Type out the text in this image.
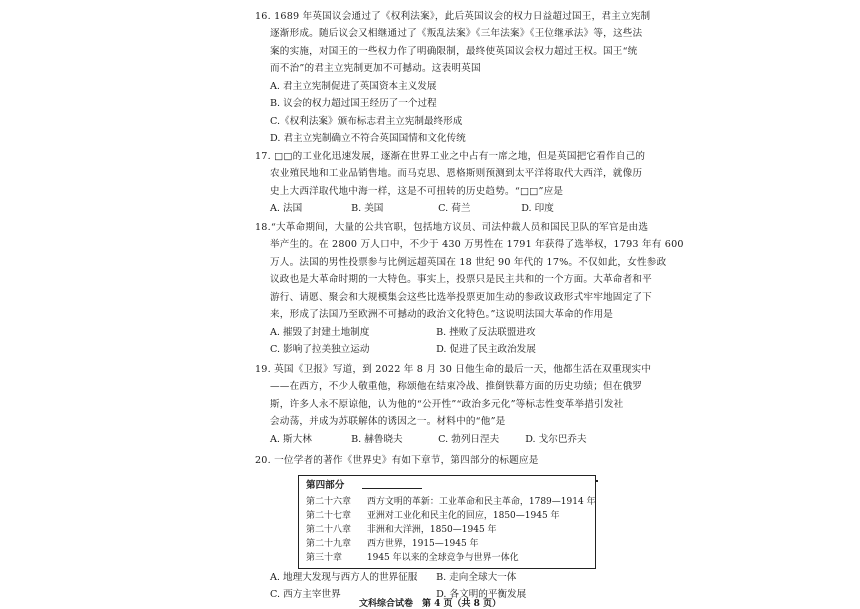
16. 1689 年英国议会通过了《权利法案》，此后英国议会的权力日益超过国王，君主立宪制
逐渐形成。随后议会又相继通过了《叛乱法案》《三年法案》《王位继承法》等，这些法
案的实施，对国王的一些权力作了明确限制，最终使英国议会权力超过王权。国王“统
而不治”的君主立宪制更加不可撼动。这表明英国
A. 君主立宪制促进了英国资本主义发展
B. 议会的权力超过国王经历了一个过程
C.《权利法案》颁布标志君主立宪制最终形成
D. 君主立宪制确立不符合英国国情和文化传统
17. □□的工业化迅速发展，逐渐在世界工业之中占有一席之地，但是英国把它看作自己的
农业殖民地和工业品销售地。而马克思、恩格斯则预测到太平洋将取代大西洋，就像历
史上大西洋取代地中海一样，这是不可扭转的历史趋势。“□□”应是
A. 法国	B. 美国	C. 荷兰	D. 印度
18.“大革命期间，大量的公共官职，包括地方议员、司法仲裁人员和国民卫队的军官是由选
举产生的。在 2800 万人口中，不少于 430 万男性在 1791 年获得了选举权，1793 年有 600
万人。法国的男性投票参与比例远超英国在 18 世纪 90 年代的 17%。不仅如此，女性参政
议政也是大革命时期的一大特色。事实上，投票只是民主共和的一个方面。大革命者和平
游行、请愿、聚会和大规模集会这些比选举投票更加生动的参政议政形式牢牢地固定了下
来，形成了法国乃至欧洲不可撼动的政治文化特色。”这说明法国大革命的作用是
A. 摧毁了封建土地制度	B. 挫败了反法联盟进攻
C. 影响了拉美独立运动	D. 促进了民主政治发展
19. 英国《卫报》写道，到 2022 年 8 月 30 日他生命的最后一天，他都生活在双重现实中
——在西方，不少人敬重他，称颂他在结束冷战、推倒铁幕方面的历史功绩；但在俄罗
斯，许多人永不原谅他，认为他的“公开性”“政治多元化”等标志性变革举措引发社
会动荡，并成为苏联解体的诱因之一。材料中的“他”是
A. 斯大林	B. 赫鲁晓夫	C. 勃列日涅夫	D. 戈尔巴乔夫
20. 一位学者的著作《世界史》有如下章节，第四部分的标题应是
第四部分
第二十六章 西方文明的革新：工业革命和民主革命，1789—1914 年
第二十七章 亚洲对工业化和民主化的回应，1850—1945 年
第二十八章 非洲和大洋洲，1850—1945 年
第二十九章 西方世界，1915—1945 年
第三十章	1945 年以来的全球竞争与世界一体化
A. 地理大发现与西方人的世界征服 B. 走向全球大一体
C. 西方主宰世界	D. 各文明的平衡发展
文科综合试卷　第 4 页（共 8 页）
